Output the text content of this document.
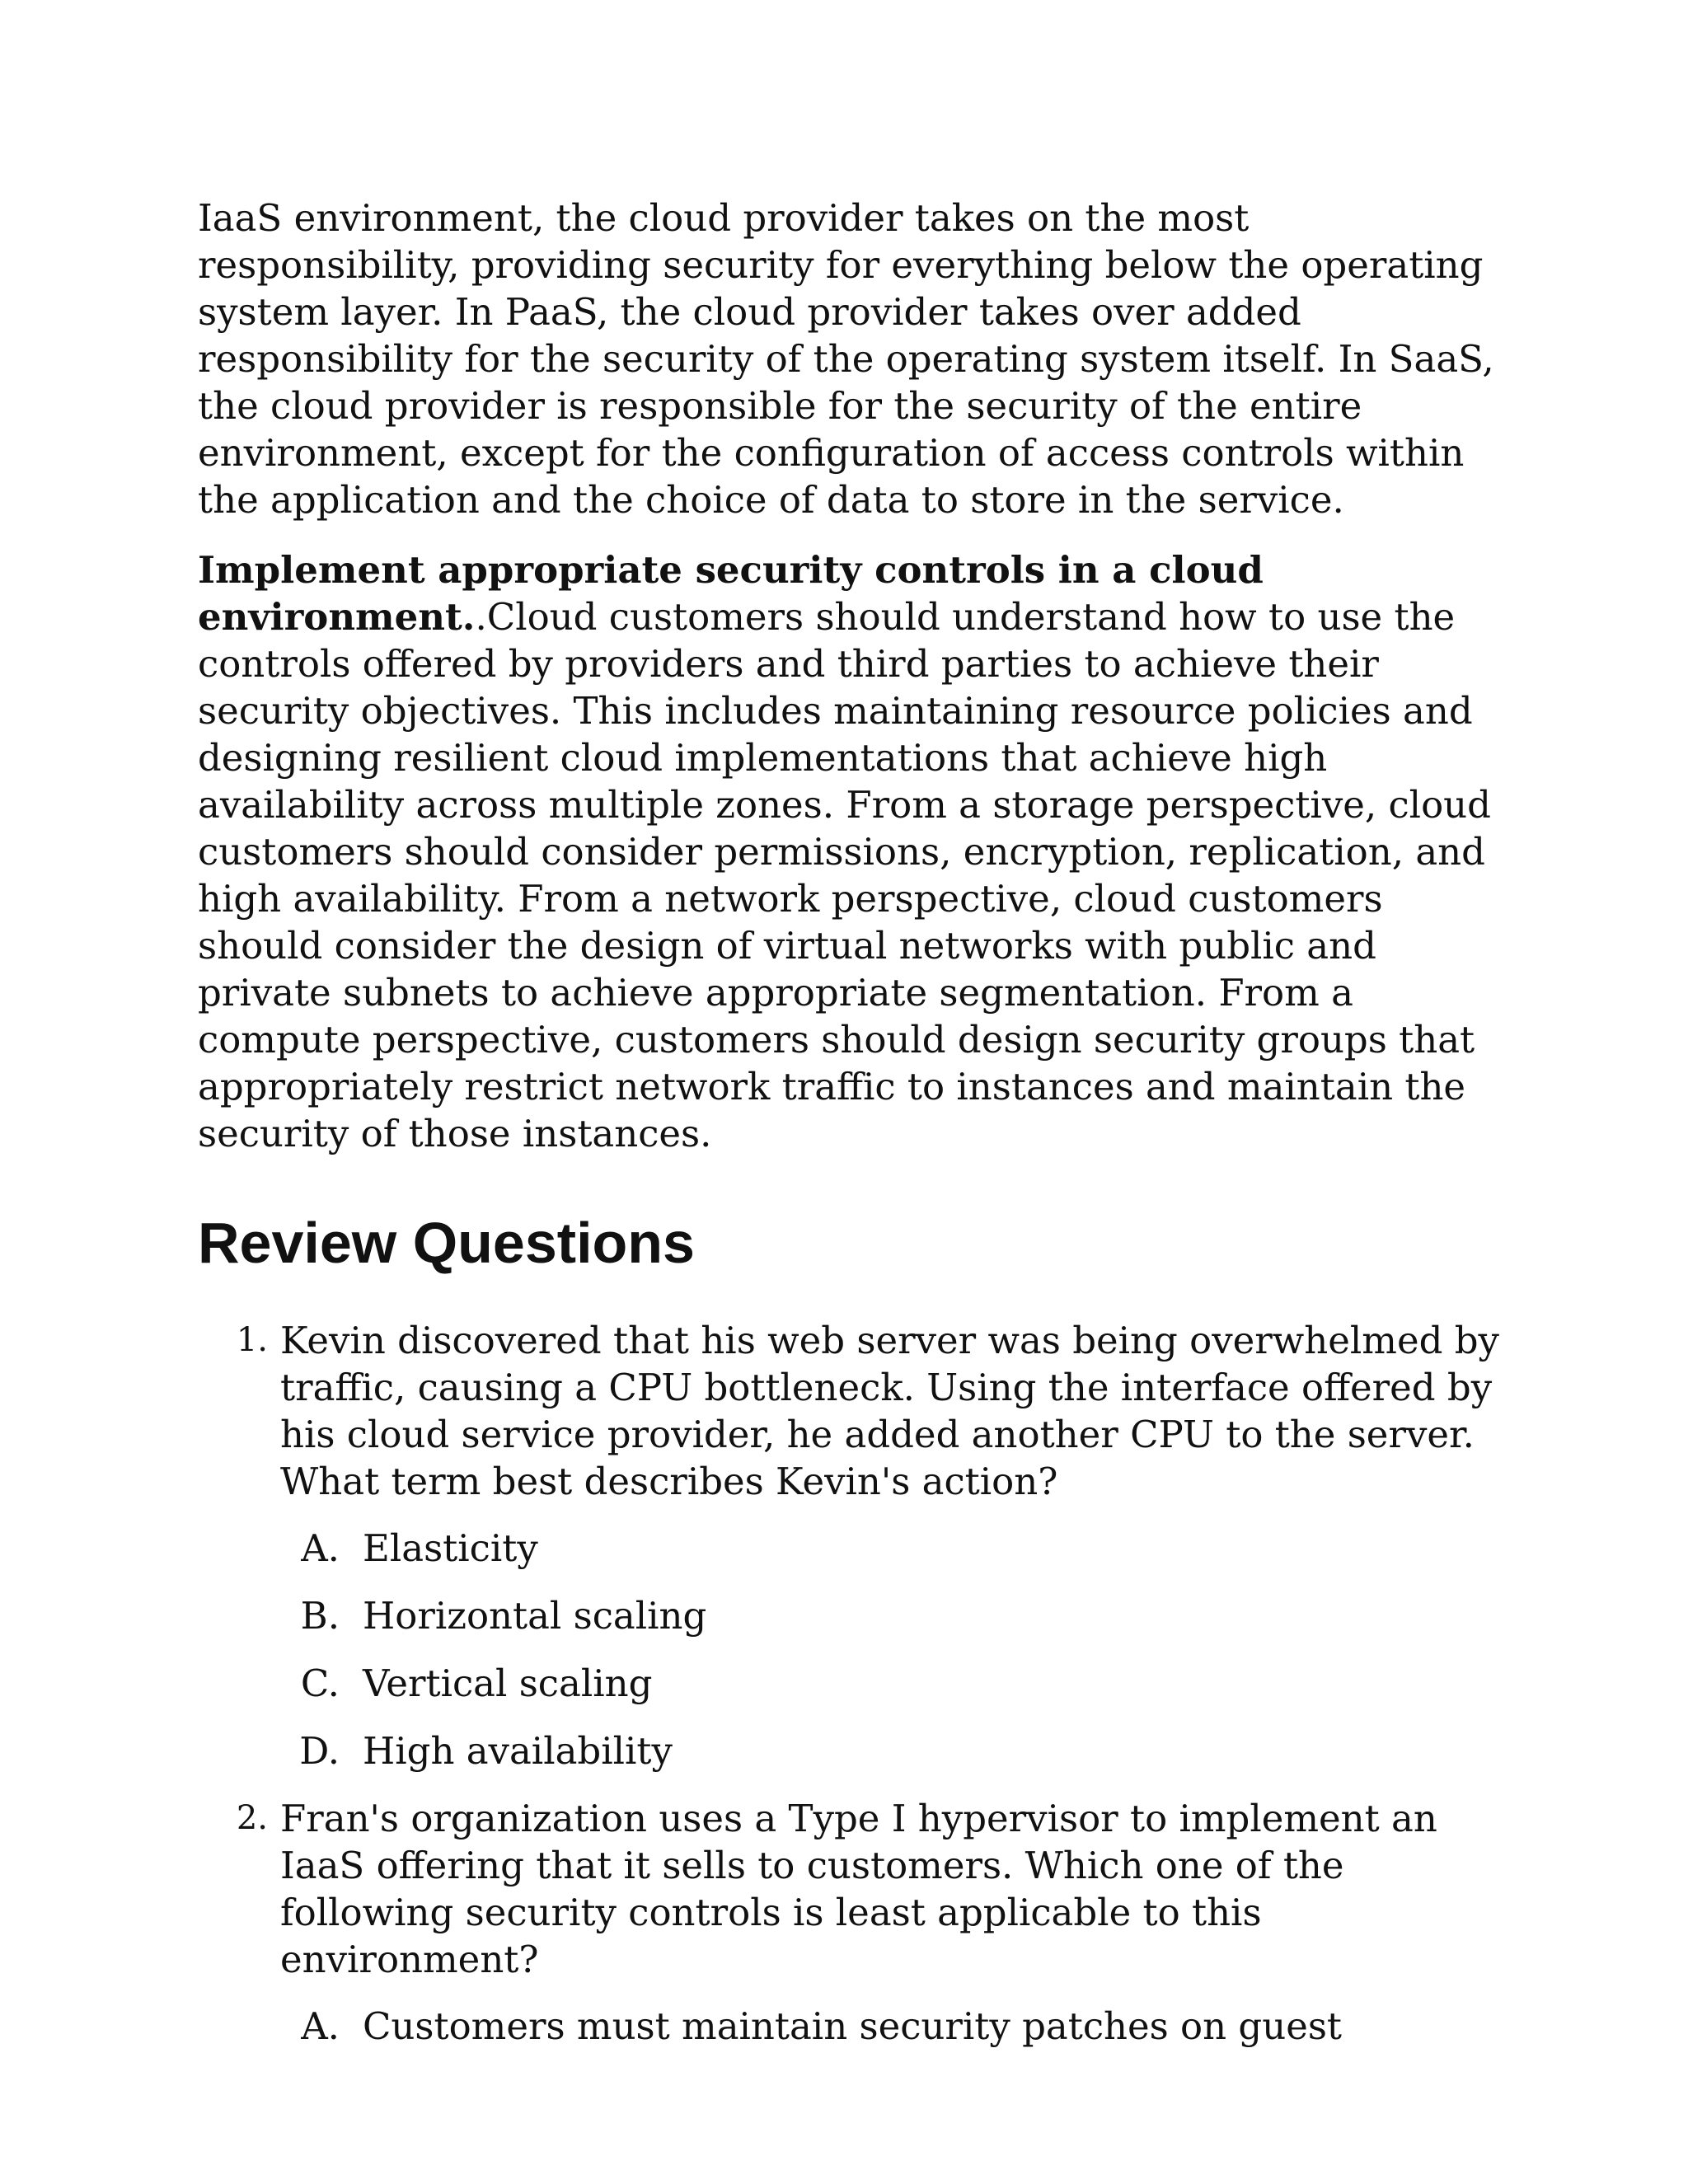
IaaS environment, the cloud provider takes on the most responsibility, providing security for everything below the operating system layer. In PaaS, the cloud provider takes over added responsibility for the security of the operating system itself. In SaaS, the cloud provider is responsible for the security of the entire environment, except for the configuration of access controls within the application and the choice of data to store in the service.

Implement appropriate security controls in a cloud environment..Cloud customers should understand how to use the controls offered by providers and third parties to achieve their security objectives. This includes maintaining resource policies and designing resilient cloud implementations that achieve high availability across multiple zones. From a storage perspective, cloud customers should consider permissions, encryption, replication, and high availability. From a network perspective, cloud customers should consider the design of virtual networks with public and private subnets to achieve appropriate segmentation. From a compute perspective, customers should design security groups that appropriately restrict network traffic to instances and maintain the security of those instances.

Review Questions
1. Kevin discovered that his web server was being overwhelmed by traffic, causing a CPU bottleneck. Using the interface offered by his cloud service provider, he added another CPU to the server. What term best describes Kevin's action?
A. Elasticity
B. Horizontal scaling
C. Vertical scaling
D. High availability
2. Fran's organization uses a Type I hypervisor to implement an IaaS offering that it sells to customers. Which one of the following security controls is least applicable to this environment?
A. Customers must maintain security patches on guest
